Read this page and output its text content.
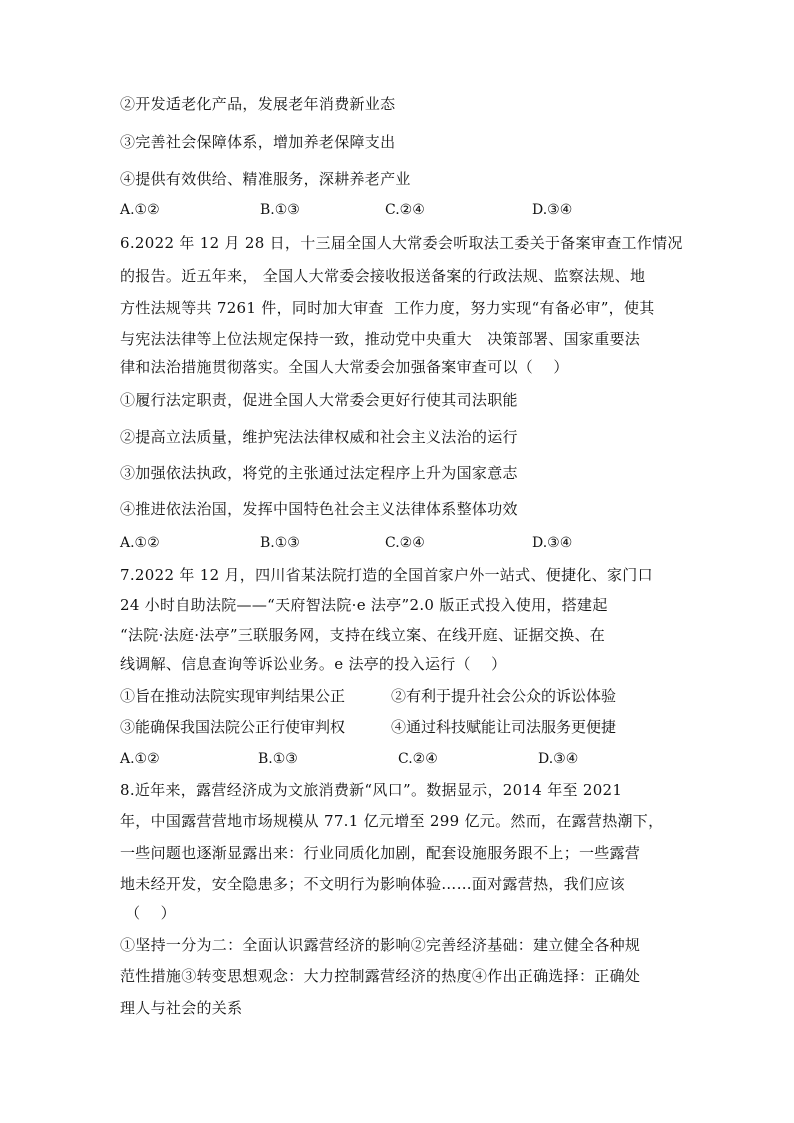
②开发适老化产品，发展老年消费新业态
③完善社会保障体系，增加养老保障支出
④提供有效供给、精准服务，深耕养老产业
A.①②	B.①③	C.②④	D.③④
6.2022 年 12 月 28 日，十三届全国人大常委会听取法工委关于备案审查工作情况
的报告。近五年来， 全国人大常委会接收报送备案的行政法规、监察法规、地
方性法规等共 7261 件，同时加大审查  工作力度，努力实现“有备必审”，使其
与宪法法律等上位法规定保持一致，推动党中央重大   决策部署、国家重要法
律和法治措施贯彻落实。全国人大常委会加强备案审查可以（    ）
①履行法定职责，促进全国人大常委会更好行使其司法职能
②提高立法质量，维护宪法法律权威和社会主义法治的运行
③加强依法执政，将党的主张通过法定程序上升为国家意志
④推进依法治国，发挥中国特色社会主义法律体系整体功效
A.①②	B.①③	C.②④	D.③④
7.2022 年 12 月，四川省某法院打造的全国首家户外一站式、便捷化、家门口
24 小时自助法院——“天府智法院·e 法亭”2.0 版正式投入使用，搭建起
“法院·法庭·法亭”三联服务网，支持在线立案、在线开庭、证据交换、在
线调解、信息查询等诉讼业务。e 法亭的投入运行（    ）
①旨在推动法院实现审判结果公正	②有利于提升社会公众的诉讼体验
③能确保我国法院公正行使审判权	④通过科技赋能让司法服务更便捷
A.①②	B.①③	C.②④	D.③④
8.近年来，露营经济成为文旅消费新“风口”。数据显示，2014 年至 2021
年，中国露营营地市场规模从 77.1 亿元增至 299 亿元。然而，在露营热潮下，
一些问题也逐渐显露出来：行业同质化加剧，配套设施服务跟不上；一些露营
地未经开发，安全隐患多；不文明行为影响体验……面对露营热，我们应该
（    ）
①坚持一分为二：全面认识露营经济的影响②完善经济基础：建立健全各种规
范性措施③转变思想观念：大力控制露营经济的热度④作出正确选择：正确处
理人与社会的关系
